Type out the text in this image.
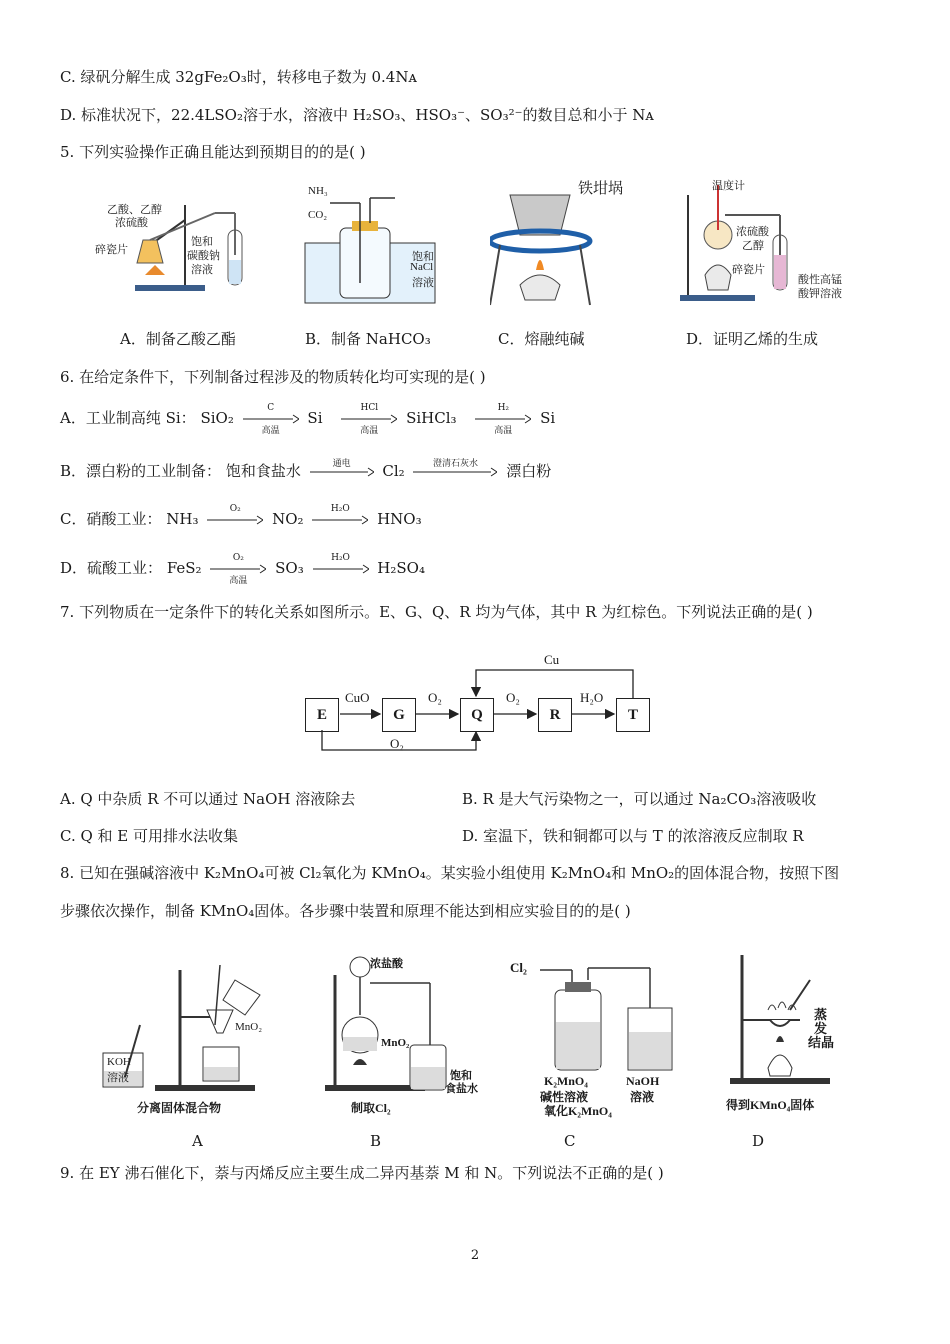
C. 绿矾分解生成 32gFe₂O₃时，转移电子数为 0.4Nᴀ
D. 标准状况下，22.4LSO₂溶于水，溶液中 H₂SO₃、HSO₃⁻、SO₃²⁻的数目总和小于 Nᴀ
5. 下列实验操作正确且能达到预期目的的是( )
乙酸、乙醇
浓硫酸
碎瓷片
饱和
碳酸钠
溶液
A．制备乙酸乙酯
NH₃
CO₂
饱和
NaCl
溶液
B．制备 NaHCO₃
铁坩埚
C．熔融纯碱
温度计
浓硫酸
乙醇
碎瓷片
酸性高锰
酸钾溶液
D．证明乙烯的生成
6. 在给定条件下，下列制备过程涉及的物质转化均可实现的是( )
A．工业制高纯 Si： SiO₂
C
高温
Si
HCl
高温
SiHCl₃
H₂
高温
Si
B．漂白粉的工业制备： 饱和食盐水	通电	Cl₂	澄清石灰水	漂白粉
C．硝酸工业： NH₃
O₂
NO₂
H₂O
HNO₃
D．硫酸工业： FeS₂
O₂
高温
SO₃
H₂O
H₂SO₄
7. 下列物质在一定条件下的转化关系如图所示。E、G、Q、R 均为气体，其中 R 为红棕色。下列说法正确的是( )
E	G	Q	R	T
CuO	O₂	O₂	H₂O
Cu
O₂
A. Q 中杂质 R 不可以通过 NaOH 溶液除去	B. R 是大气污染物之一，可以通过 Na₂CO₃溶液吸收
C. Q 和 E 可用排水法收集	D. 室温下，铁和铜都可以与 T 的浓溶液反应制取 R
8. 已知在强碱溶液中 K₂MnO₄可被 Cl₂氧化为 KMnO₄。某实验小组使用 K₂MnO₄和 MnO₂的固体混合物，按照下图
步骤依次操作，制备 KMnO₄固体。各步骤中装置和原理不能达到相应实验目的的是( )
MnO₂
KOH
溶液
分离固体混合物
A
浓盐酸
MnO₂
饱和
食盐水
制取Cl₂
B
Cl₂
K₂MnO₄
碱性溶液
NaOH
溶液
氧化K₂MnO₄
C
蒸
发
结晶
得到KMnO₄固体
D
9. 在 EY 沸石催化下，萘与丙烯反应主要生成二异丙基萘 M 和 N。下列说法不正确的是( )
2
